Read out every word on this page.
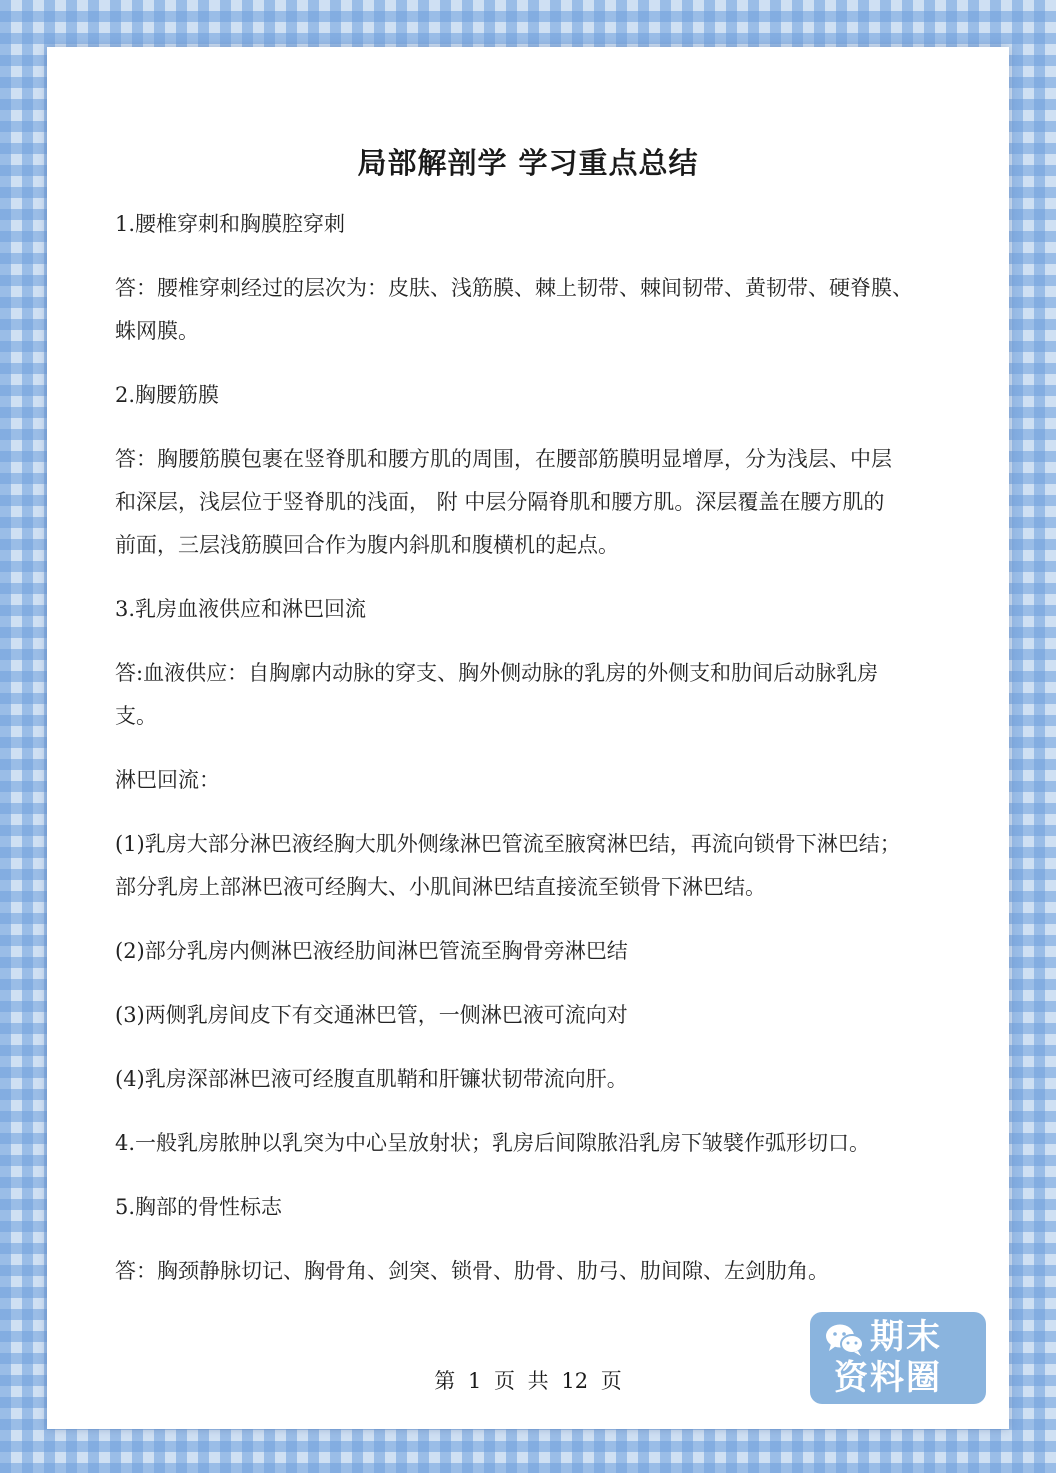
局部解剖学 学习重点总结
1.腰椎穿刺和胸膜腔穿刺
答：腰椎穿刺经过的层次为：皮肤、浅筋膜、棘上韧带、棘间韧带、黄韧带、硬脊膜、
蛛网膜。
2.胸腰筋膜
答：胸腰筋膜包裹在竖脊肌和腰方肌的周围，在腰部筋膜明显增厚，分为浅层、中层
和深层，浅层位于竖脊肌的浅面， 附 中层分隔脊肌和腰方肌。深层覆盖在腰方肌的
前面，三层浅筋膜回合作为腹内斜肌和腹横机的起点。
3.乳房血液供应和淋巴回流
答:血液供应：自胸廓内动脉的穿支、胸外侧动脉的乳房的外侧支和肋间后动脉乳房
支。
淋巴回流：
(1)乳房大部分淋巴液经胸大肌外侧缘淋巴管流至腋窝淋巴结，再流向锁骨下淋巴结；
部分乳房上部淋巴液可经胸大、小肌间淋巴结直接流至锁骨下淋巴结。
(2)部分乳房内侧淋巴液经肋间淋巴管流至胸骨旁淋巴结
(3)两侧乳房间皮下有交通淋巴管，一侧淋巴液可流向对
(4)乳房深部淋巴液可经腹直肌鞘和肝镰状韧带流向肝。
4.一般乳房脓肿以乳突为中心呈放射状；乳房后间隙脓沿乳房下皱襞作弧形切口。
5.胸部的骨性标志
答：胸颈静脉切记、胸骨角、剑突、锁骨、肋骨、肋弓、肋间隙、左剑肋角。
第 1 页 共 12 页
期末
资料圈
